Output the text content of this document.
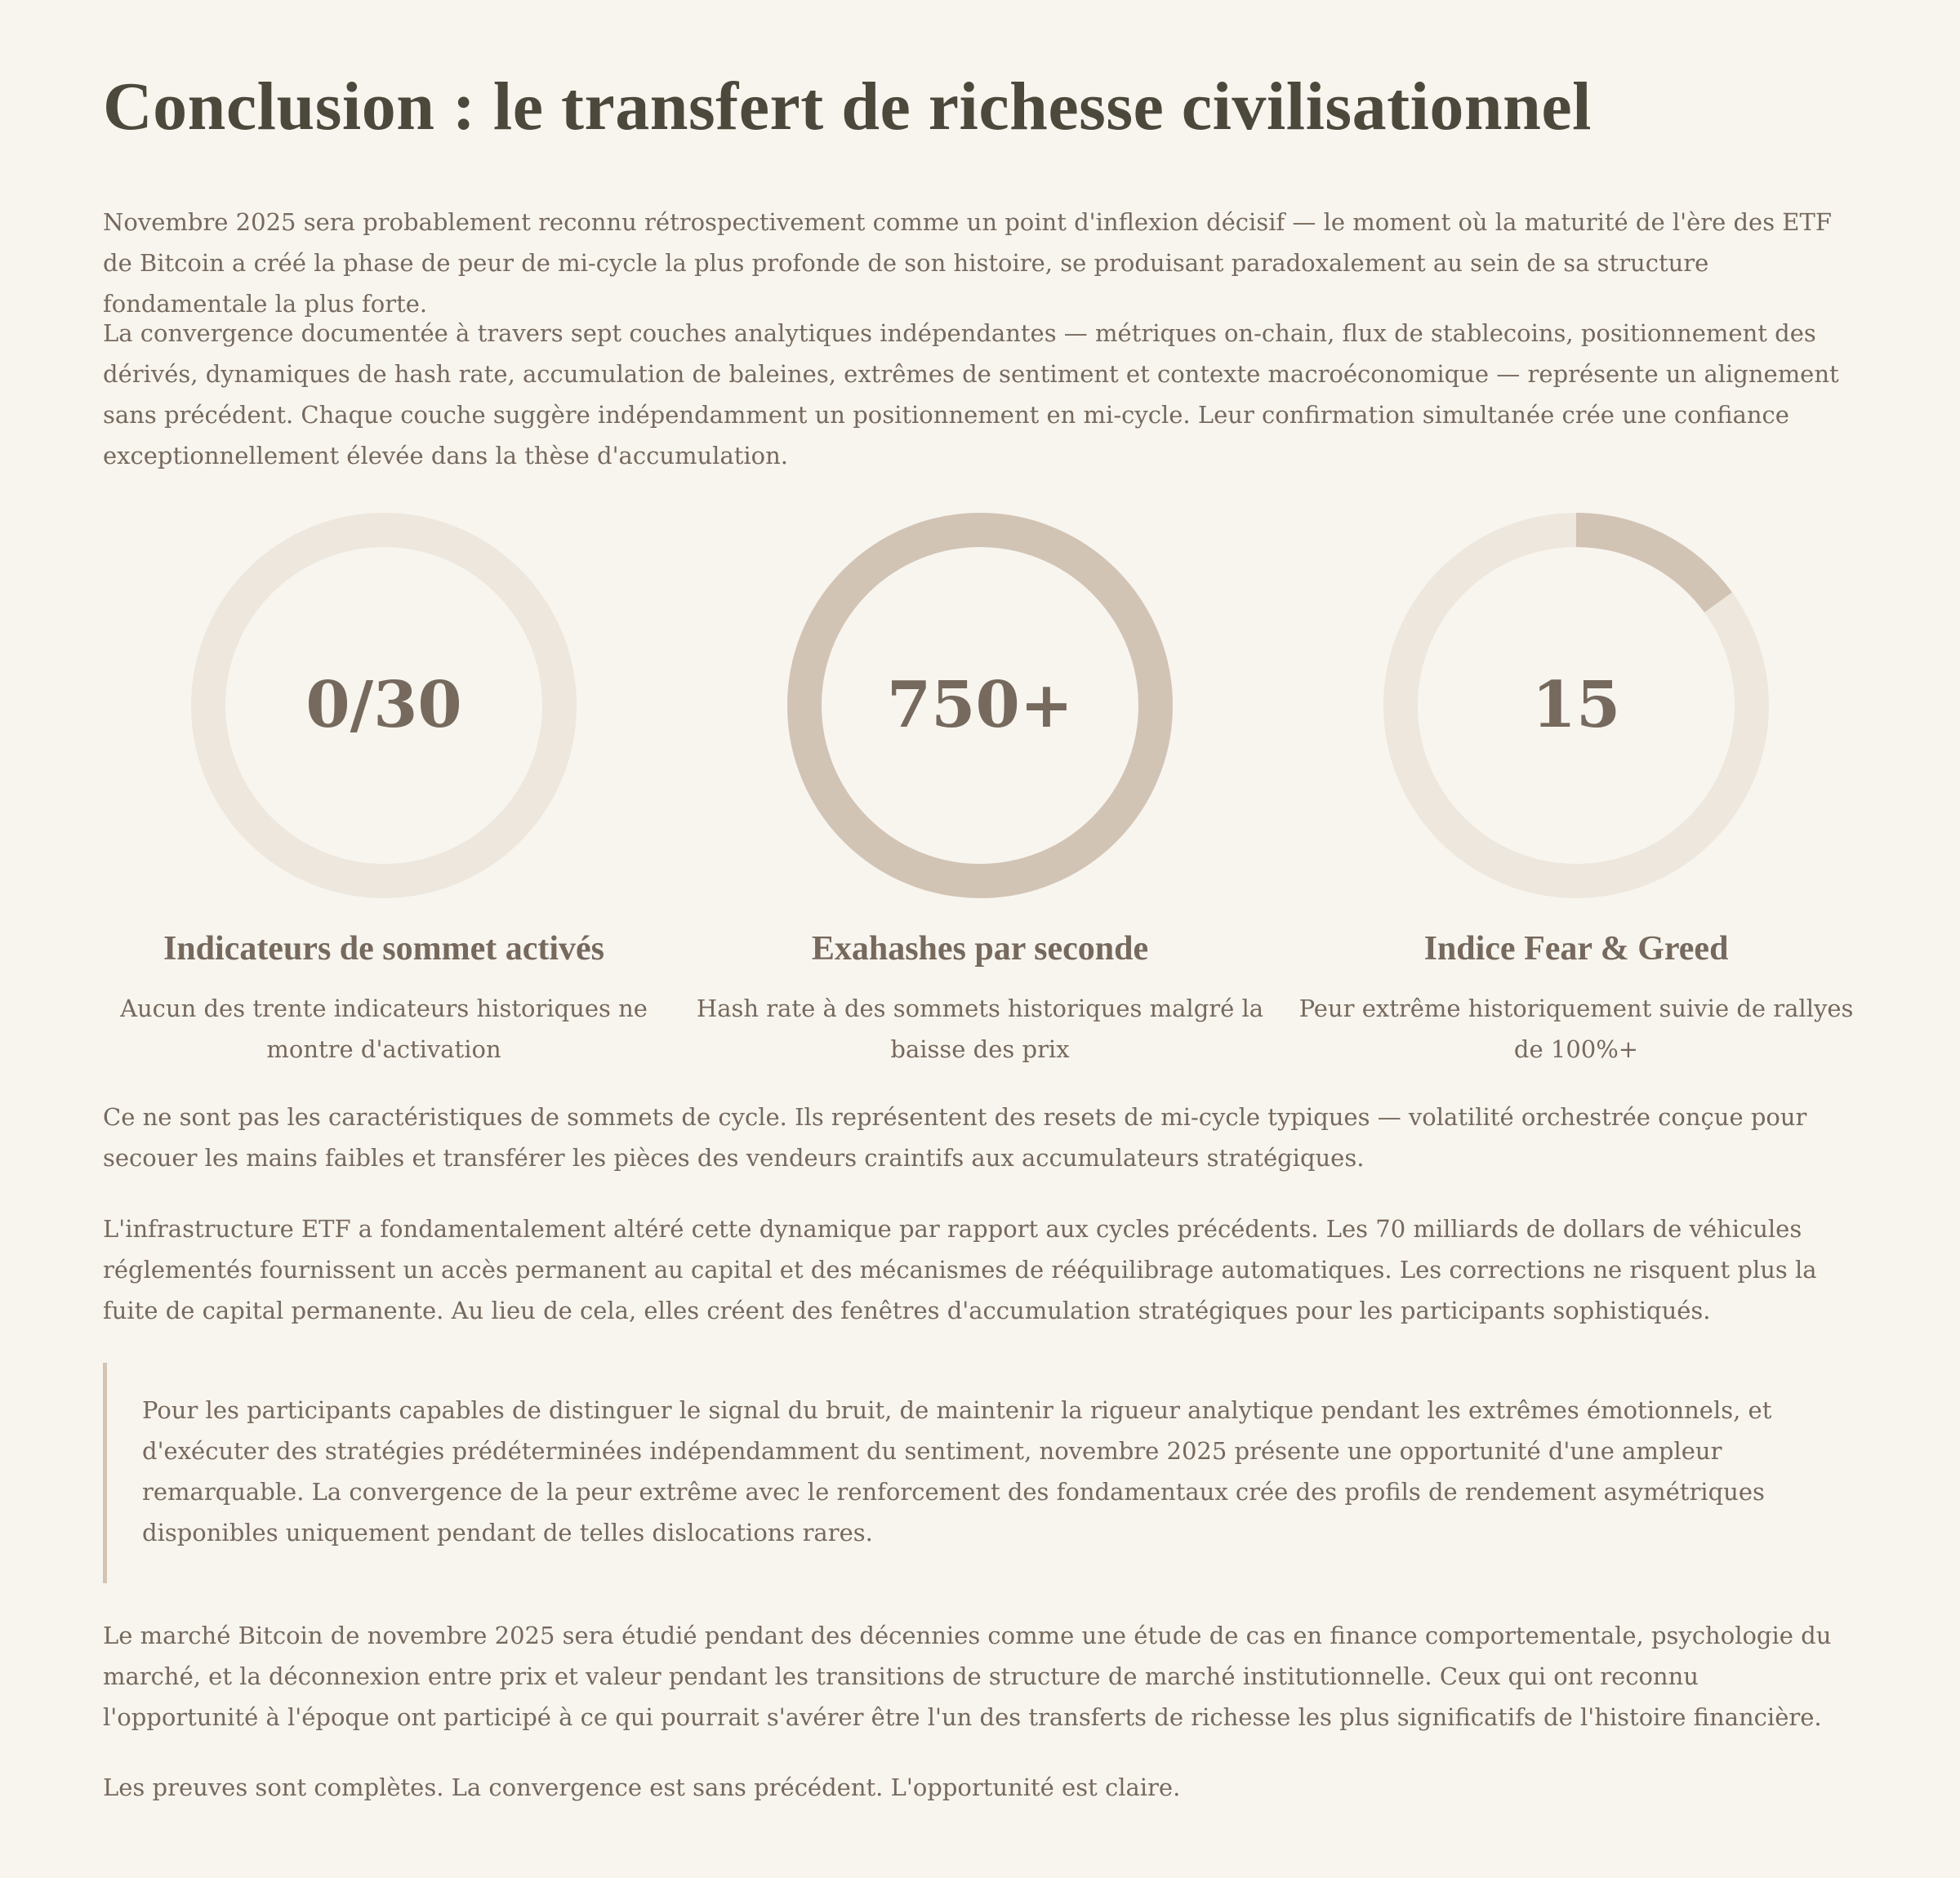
Conclusion : le transfert de richesse civilisationnel

Novembre 2025 sera probablement reconnu rétrospectivement comme un point d'inflexion décisif — le moment où la maturité de l'ère des ETF de Bitcoin a créé la phase de peur de mi-cycle la plus profonde de son histoire, se produisant paradoxalement au sein de sa structure fondamentale la plus forte.

La convergence documentée à travers sept couches analytiques indépendantes — métriques on-chain, flux de stablecoins, positionnement des dérivés, dynamiques de hash rate, accumulation de baleines, extrêmes de sentiment et contexte macroéconomique — représente un alignement sans précédent. Chaque couche suggère indépendamment un positionnement en mi-cycle. Leur confirmation simultanée crée une confiance exceptionnellement élevée dans la thèse d'accumulation.

0/30
Indicateurs de sommet activés
Aucun des trente indicateurs historiques ne montre d'activation
750+
Exahashes par seconde
Hash rate à des sommets historiques malgré la baisse des prix
15
Indice Fear & Greed
Peur extrême historiquement suivie de rallyes de 100%+

Ce ne sont pas les caractéristiques de sommets de cycle. Ils représentent des resets de mi-cycle typiques — volatilité orchestrée conçue pour secouer les mains faibles et transférer les pièces des vendeurs craintifs aux accumulateurs stratégiques.

L'infrastructure ETF a fondamentalement altéré cette dynamique par rapport aux cycles précédents. Les 70 milliards de dollars de véhicules réglementés fournissent un accès permanent au capital et des mécanismes de rééquilibrage automatiques. Les corrections ne risquent plus la fuite de capital permanente. Au lieu de cela, elles créent des fenêtres d'accumulation stratégiques pour les participants sophistiqués.

Pour les participants capables de distinguer le signal du bruit, de maintenir la rigueur analytique pendant les extrêmes émotionnels, et d'exécuter des stratégies prédéterminées indépendamment du sentiment, novembre 2025 présente une opportunité d'une ampleur remarquable. La convergence de la peur extrême avec le renforcement des fondamentaux crée des profils de rendement asymétriques disponibles uniquement pendant de telles dislocations rares.

Le marché Bitcoin de novembre 2025 sera étudié pendant des décennies comme une étude de cas en finance comportementale, psychologie du marché, et la déconnexion entre prix et valeur pendant les transitions de structure de marché institutionnelle. Ceux qui ont reconnu l'opportunité à l'époque ont participé à ce qui pourrait s'avérer être l'un des transferts de richesse les plus significatifs de l'histoire financière.

Les preuves sont complètes. La convergence est sans précédent. L'opportunité est claire.
